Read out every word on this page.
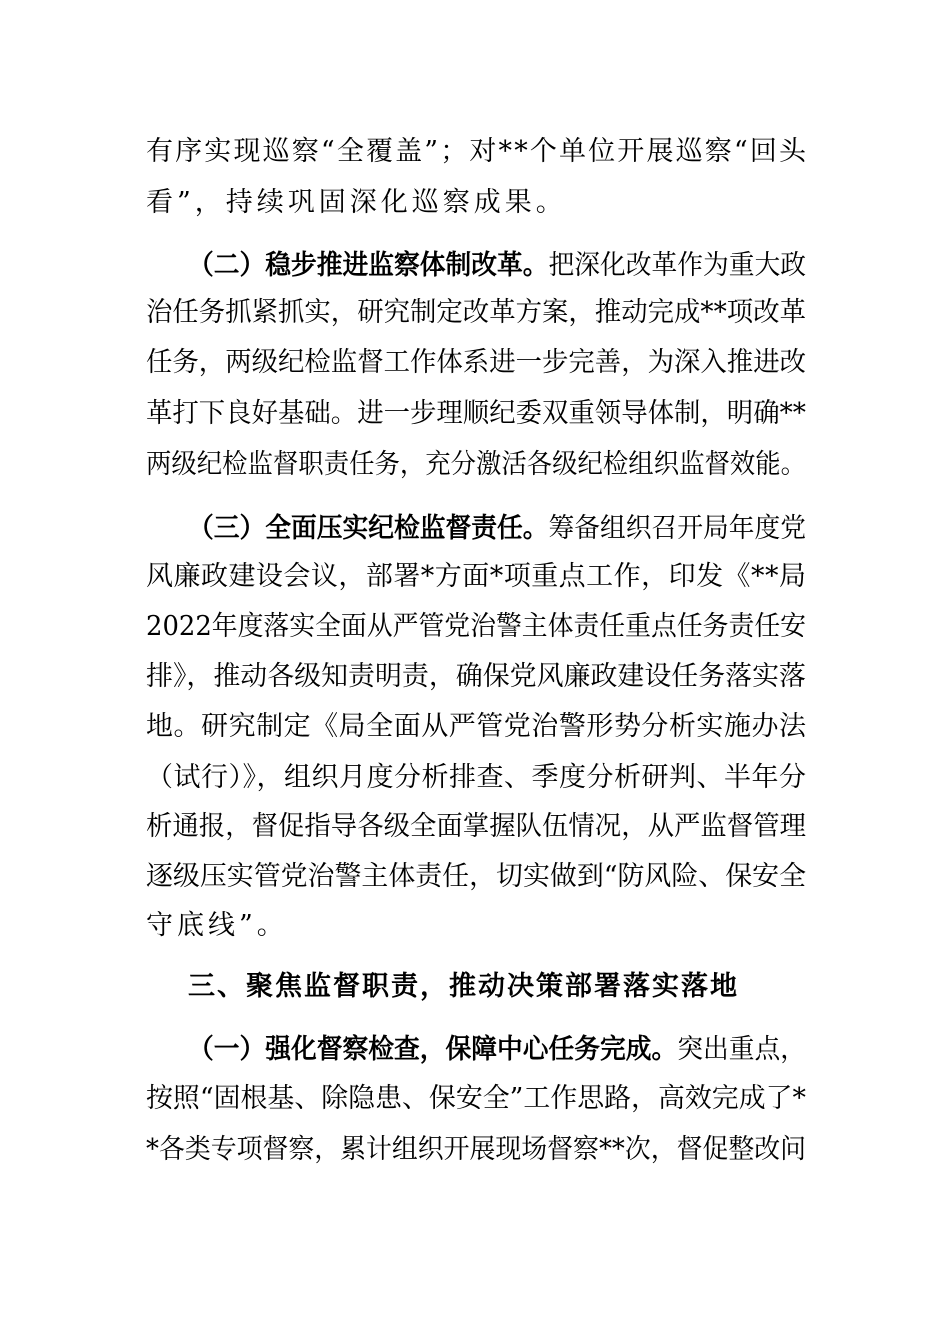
有序实现巡察“全覆盖”；对**个单位开展巡察“回头
看”，持续巩固深化巡察成果。
（二）稳步推进监察体制改革。 把深化改革作为重大政
治任务抓紧抓实，研究制定改革方案，推动完成**项改革
任务，两级纪检监督工作体系进一步完善，为深入推进改
革打下良好基础。进一步理顺纪委双重领导体制，明确**
两级纪检监督职责任务，充分激活各级纪检组织监督效能。
（三）全面压实纪检监督责任。 筹备组织召开局年度党
风廉政建设会议，部署*方面*项重点工作，印发《**局
2022年度落实全面从严管党治警主体责任重点任务责任安
排》，推动各级知责明责，确保党风廉政建设任务落实落
地。研究制定《局全面从严管党治警形势分析实施办法
（试行）》，组织月度分析排查、季度分析研判、半年分
析通报，督促指导各级全面掌握队伍情况，从严监督管理
逐级压实管党治警主体责任，切实做到“防风险、保安全
守底线”。
三、聚焦监督职责，推动决策部署落实落地
（一）强化督察检查，保障中心任务完成。 突出重点，
按照“固根基、除隐患、保安全”工作思路，高效完成了*
*各类专项督察，累计组织开展现场督察**次，督促整改问
